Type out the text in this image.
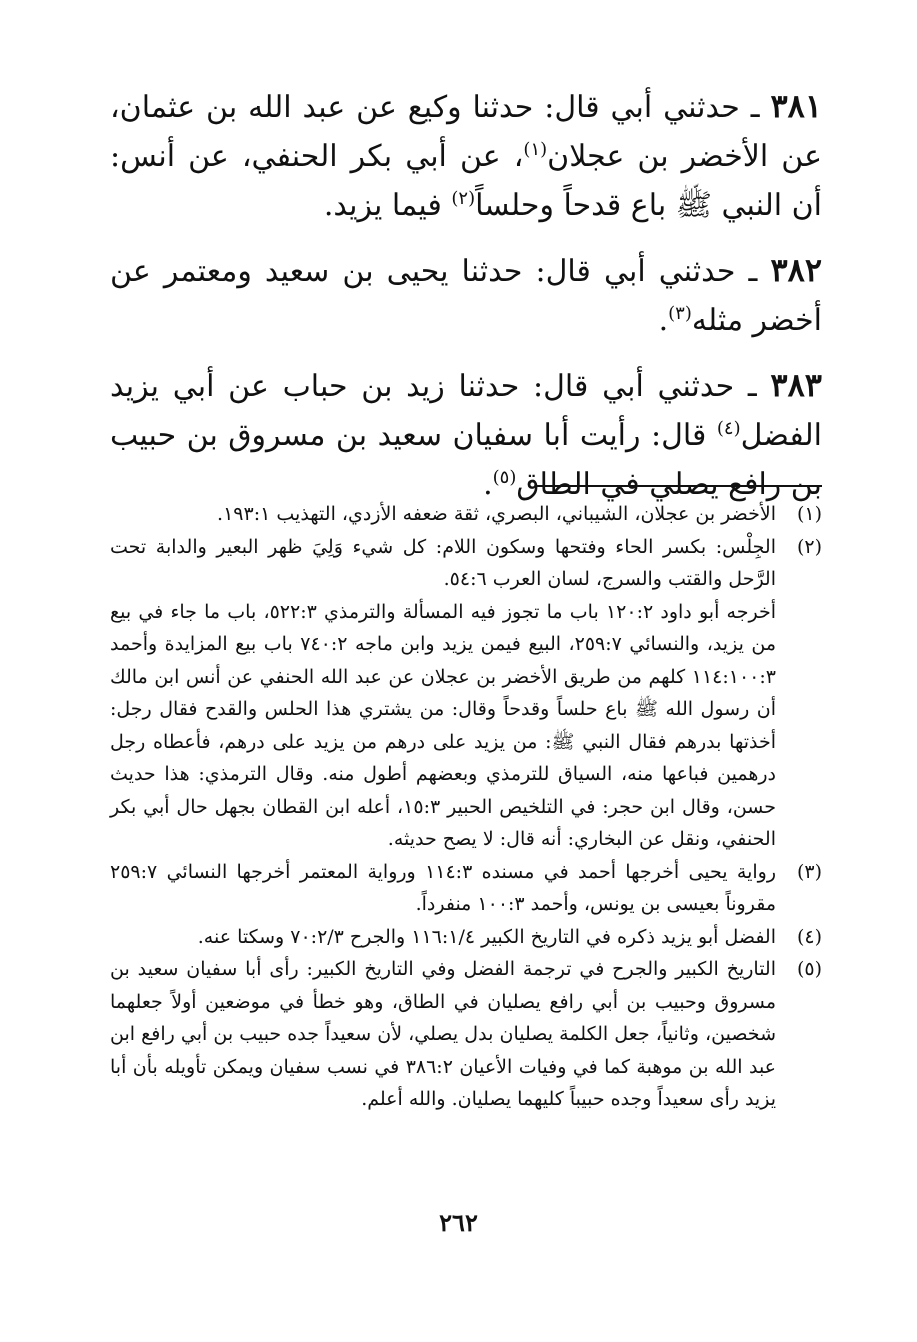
٣٨١ ـ حدثني أبي قال: حدثنا وكيع عن عبد الله بن عثمان، عن الأخضر بن عجلان$^{(١)}$، عن أبي بكر الحنفي، عن أنس: أن النبي ﷺ باع قدحاً وحلساً$^{(٢)}$ فيما يزيد.

٣٨٢ ـ حدثني أبي قال: حدثنا يحيى بن سعيد ومعتمر عن أخضر مثله$^{(٣)}$.

٣٨٣ ـ حدثني أبي قال: حدثنا زيد بن حباب عن أبي يزيد الفضل$^{(٤)}$ قال: رأيت أبا سفيان سعيد بن مسروق بن حبيب بن رافع يصلي في الطاق$^{(٥)}$.

(١)
الأخضر بن عجلان، الشيباني، البصري، ثقة ضعفه الأزدي، التهذيب ١٩٣:١.
(٢)
الجِلْس: بكسر الحاء وفتحها وسكون اللام: كل شيء وَلِيَ ظهر البعير والدابة تحت الرَّحل والقتب والسرج، لسان العرب ٥٤:٦.

أخرجه أبو داود ١٢٠:٢ باب ما تجوز فيه المسألة والترمذي ٥٢٢:٣، باب ما جاء في بيع من يزيد، والنسائي ٢٥٩:٧، البيع فيمن يزيد وابن ماجه ٧٤٠:٢ باب بيع المزايدة وأحمد ١١٤:١٠٠:٣ كلهم من طريق الأخضر بن عجلان عن عبد الله الحنفي عن أنس ابن مالك أن رسول الله ﷺ باع حلساً وقدحاً وقال: من يشتري هذا الحلس والقدح فقال رجل: أخذتها بدرهم فقال النبي ﷺ: من يزيد على درهم من يزيد على درهم، فأعطاه رجل درهمين فباعها منه، السياق للترمذي وبعضهم أطول منه. وقال الترمذي: هذا حديث حسن، وقال ابن حجر: في التلخيص الحبير ١٥:٣، أعله ابن القطان بجهل حال أبي بكر الحنفي، ونقل عن البخاري: أنه قال: لا يصح حديثه.

(٣)
رواية يحيى أخرجها أحمد في مسنده ١١٤:٣ ورواية المعتمر أخرجها النسائي ٢٥٩:٧ مقروناً بعيسى بن يونس، وأحمد ١٠٠:٣ منفرداً.
(٤)
الفضل أبو يزيد ذكره في التاريخ الكبير ١١٦:١/٤ والجرح ٧٠:٢/٣ وسكتا عنه.
(٥)
التاريخ الكبير والجرح في ترجمة الفضل وفي التاريخ الكبير: رأى أبا سفيان سعيد بن مسروق وحبيب بن أبي رافع يصليان في الطاق، وهو خطأ في موضعين أولاً جعلهما شخصين، وثانياً، جعل الكلمة يصليان بدل يصلي، لأن سعيداً جده حبيب بن أبي رافع ابن عبد الله بن موهبة كما في وفيات الأعيان ٣٨٦:٢ في نسب سفيان ويمكن تأويله بأن أبا يزيد رأى سعيداً وجده حبيباً كليهما يصليان. والله أعلم.
٢٦٢
